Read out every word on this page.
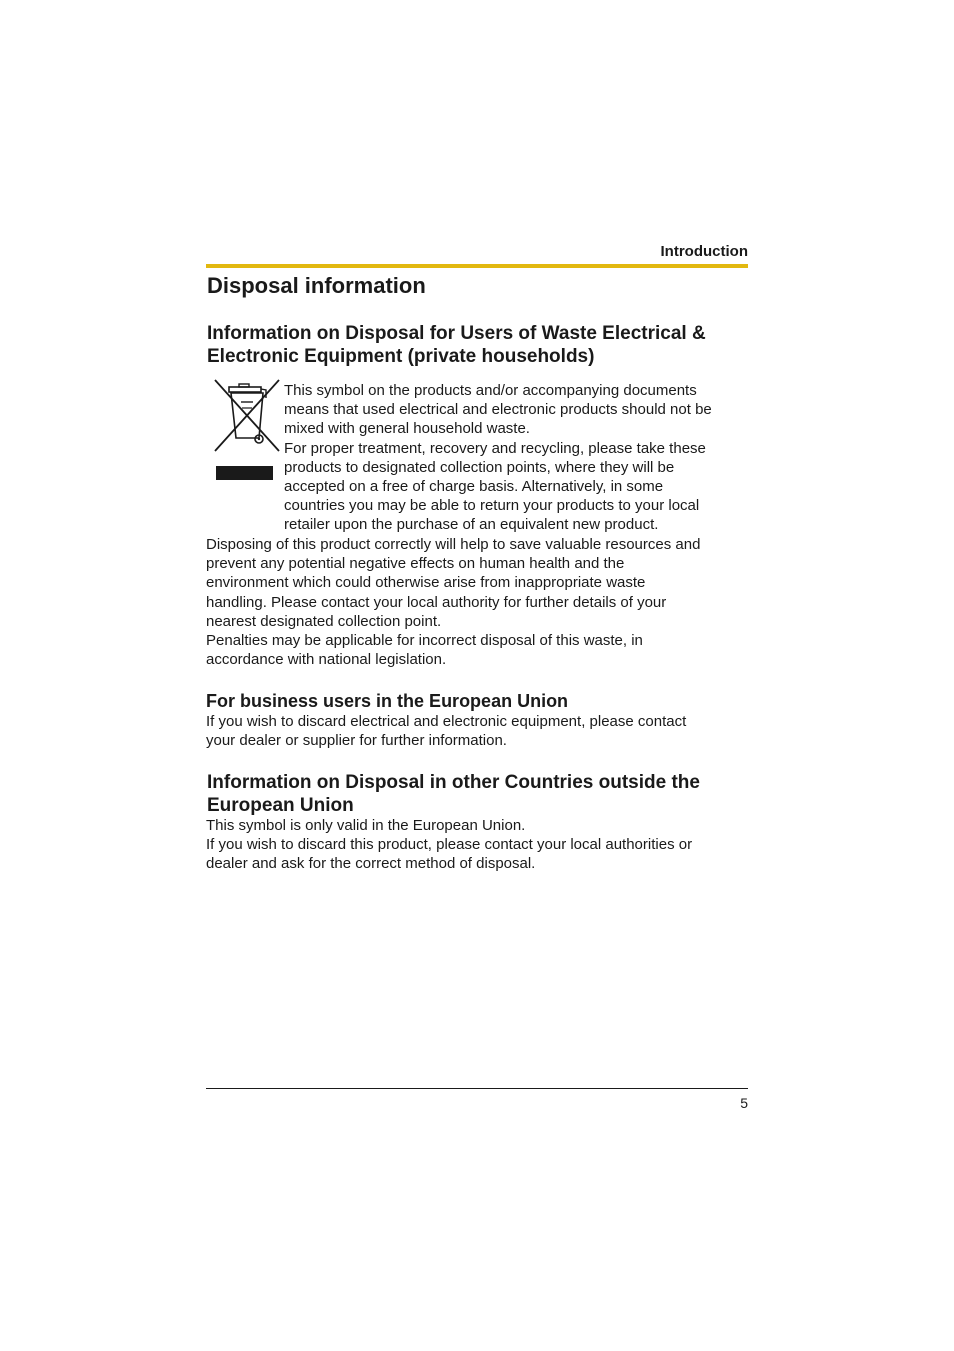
Introduction
Disposal information
Information on Disposal for Users of Waste Electrical &
Electronic Equipment (private households)

This symbol on the products and/or accompanying documents
means that used electrical and electronic products should not be
mixed with general household waste.
For proper treatment, recovery and recycling, please take these
products to designated collection points, where they will be
accepted on a free of charge basis. Alternatively, in some
countries you may be able to return your products to your local
retailer upon the purchase of an equivalent new product.

Disposing of this product correctly will help to save valuable resources and
prevent any potential negative effects on human health and the
environment which could otherwise arise from inappropriate waste
handling. Please contact your local authority for further details of your
nearest designated collection point.
Penalties may be applicable for incorrect disposal of this waste, in
accordance with national legislation.

For business users in the European Union

If you wish to discard electrical and electronic equipment, please contact
your dealer or supplier for further information.

Information on Disposal in other Countries outside the
European Union

This symbol is only valid in the European Union.
If you wish to discard this product, please contact your local authorities or
dealer and ask for the correct method of disposal.

5
